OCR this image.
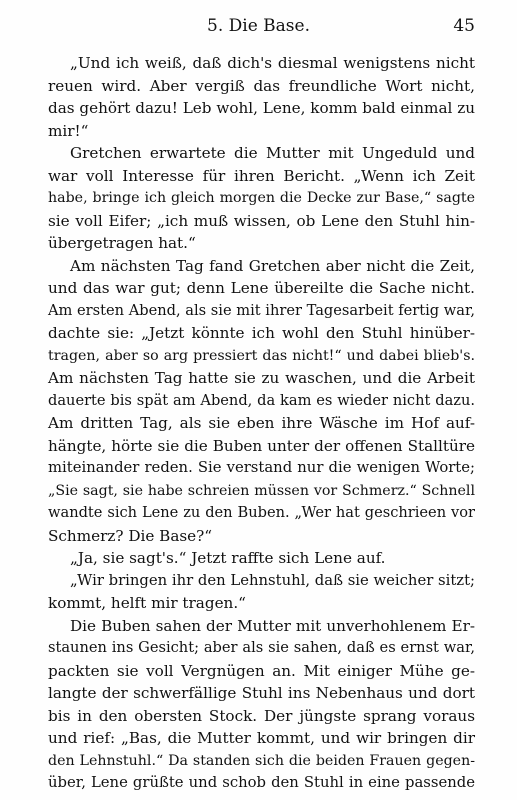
5. Die Base.	45
„Und ich weiß, daß dich's diesmal wenigstens nicht
reuen wird. Aber vergiß das freundliche Wort nicht,
das gehört dazu! Leb wohl, Lene, komm bald einmal zu
mir!“
Gretchen erwartete die Mutter mit Ungeduld und
war voll Interesse für ihren Bericht. „Wenn ich Zeit
habe, bringe ich gleich morgen die Decke zur Base,“ sagte
sie voll Eifer; „ich muß wissen, ob Lene den Stuhl hin-
übergetragen hat.“
Am nächsten Tag fand Gretchen aber nicht die Zeit,
und das war gut; denn Lene übereilte die Sache nicht.
Am ersten Abend, als sie mit ihrer Tagesarbeit fertig war,
dachte sie: „Jetzt könnte ich wohl den Stuhl hinüber-
tragen, aber so arg pressiert das nicht!“ und dabei blieb's.
Am nächsten Tag hatte sie zu waschen, und die Arbeit
dauerte bis spät am Abend, da kam es wieder nicht dazu.
Am dritten Tag, als sie eben ihre Wäsche im Hof auf-
hängte, hörte sie die Buben unter der offenen Stalltüre
miteinander reden. Sie verstand nur die wenigen Worte;
„Sie sagt, sie habe schreien müssen vor Schmerz.“ Schnell
wandte sich Lene zu den Buben. „Wer hat geschrieen vor
Schmerz? Die Base?“
„Ja, sie sagt's.“ Jetzt raffte sich Lene auf.
„Wir bringen ihr den Lehnstuhl, daß sie weicher sitzt;
kommt, helft mir tragen.“
Die Buben sahen der Mutter mit unverhohlenem Er-
staunen ins Gesicht; aber als sie sahen, daß es ernst war,
packten sie voll Vergnügen an. Mit einiger Mühe ge-
langte der schwerfällige Stuhl ins Nebenhaus und dort
bis in den obersten Stock. Der jüngste sprang voraus
und rief: „Bas, die Mutter kommt, und wir bringen dir
den Lehnstuhl.“ Da standen sich die beiden Frauen gegen-
über, Lene grüßte und schob den Stuhl in eine passende
